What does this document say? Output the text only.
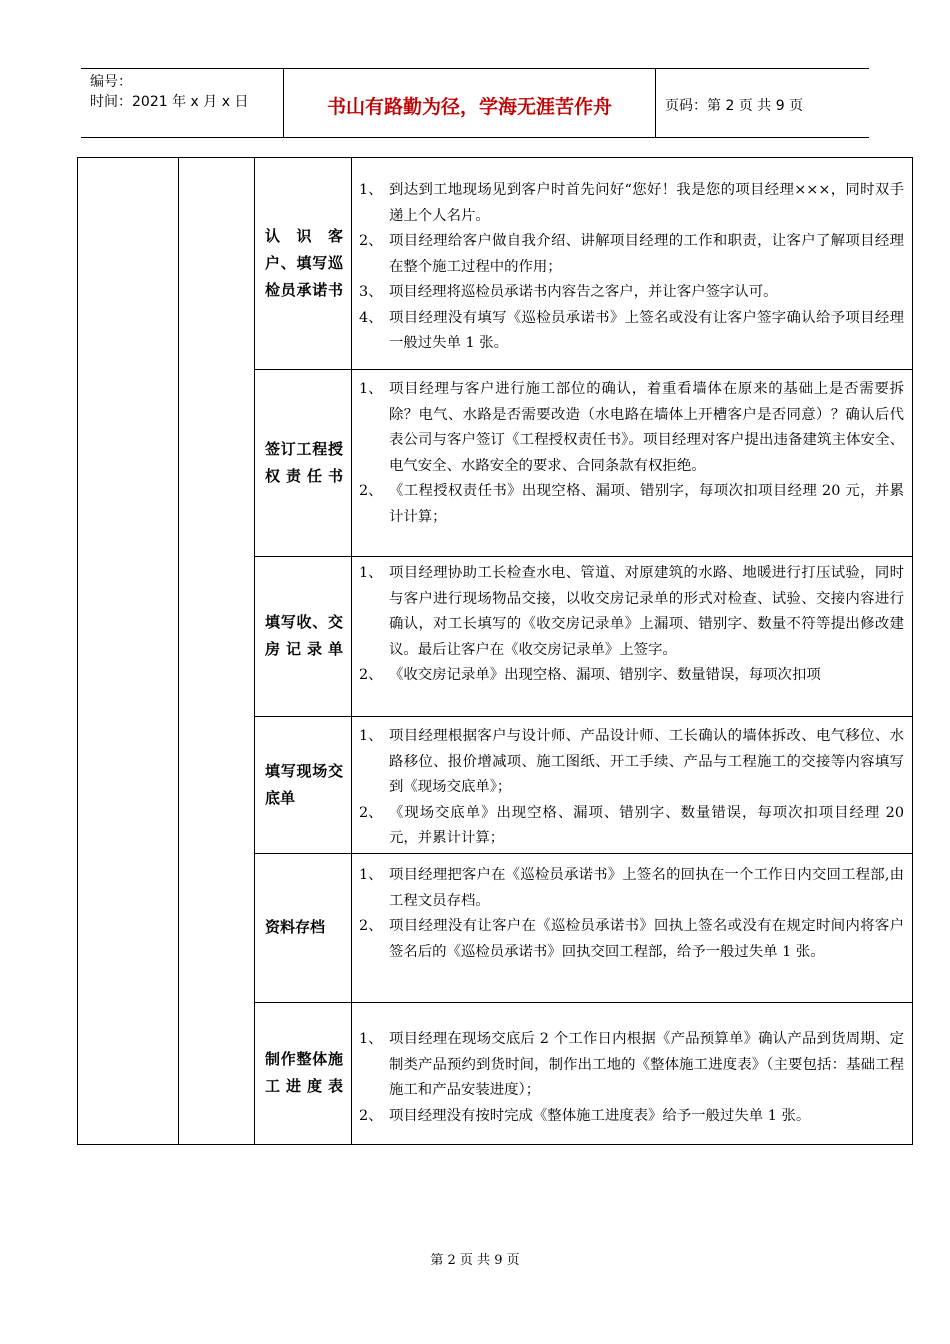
编号：
时间：2021 年 x 月 x 日	书山有路勤为径，学海无涯苦作舟	页码：第 2 页 共 9 页
认 识 客户、填写巡检员承诺书
1、 到达到工地现场见到客户时首先问好“您好！我是您的项目经理×××，同时双手递上个人名片。
2、 项目经理给客户做自我介绍、讲解项目经理的工作和职责，让客户了解项目经理在整个施工过程中的作用；
3、 项目经理将巡检员承诺书内容告之客户，并让客户签字认可。
4、 项目经理没有填写《巡检员承诺书》上签名或没有让客户签字确认给予项目经理一般过失单 1 张。
签订工程授权责任书
1、 项目经理与客户进行施工部位的确认，着重看墙体在原来的基础上是否需要拆除？电气、水路是否需要改造（水电路在墙体上开槽客户是否同意）？确认后代表公司与客户签订《工程授权责任书》。项目经理对客户提出违备建筑主体安全、电气安全、水路安全的要求、合同条款有权拒绝。
2、 《工程授权责任书》出现空格、漏项、错别字，每项次扣项目经理 20 元，并累计计算；
填写收、交房记录单
1、 项目经理协助工长检查水电、管道、对原建筑的水路、地暖进行打压试验，同时与客户进行现场物品交接，以收交房记录单的形式对检查、试验、交接内容进行确认，对工长填写的《收交房记录单》上漏项、错别字、数量不符等提出修改建议。最后让客户在《收交房记录单》上签字。
2、 《收交房记录单》出现空格、漏项、错别字、数量错误，每项次扣项
填写现场交底单
1、 项目经理根据客户与设计师、产品设计师、工长确认的墙体拆改、电气移位、水路移位、报价增减项、施工图纸、开工手续、产品与工程施工的交接等内容填写到《现场交底单》；
2、 《现场交底单》出现空格、漏项、错别字、数量错误，每项次扣项目经理 20 元，并累计计算；
资料存档
1、 项目经理把客户在《巡检员承诺书》上签名的回执在一个工作日内交回工程部,由工程文员存档。
2、 项目经理没有让客户在《巡检员承诺书》回执上签名或没有在规定时间内将客户签名后的《巡检员承诺书》回执交回工程部，给予一般过失单 1 张。
制作整体施工进度表
1、 项目经理在现场交底后 2 个工作日内根据《产品预算单》确认产品到货周期、定制类产品预约到货时间，制作出工地的《整体施工进度表》（主要包括：基础工程施工和产品安装进度）；
2、 项目经理没有按时完成《整体施工进度表》给予一般过失单 1 张。
第 2 页 共 9 页
